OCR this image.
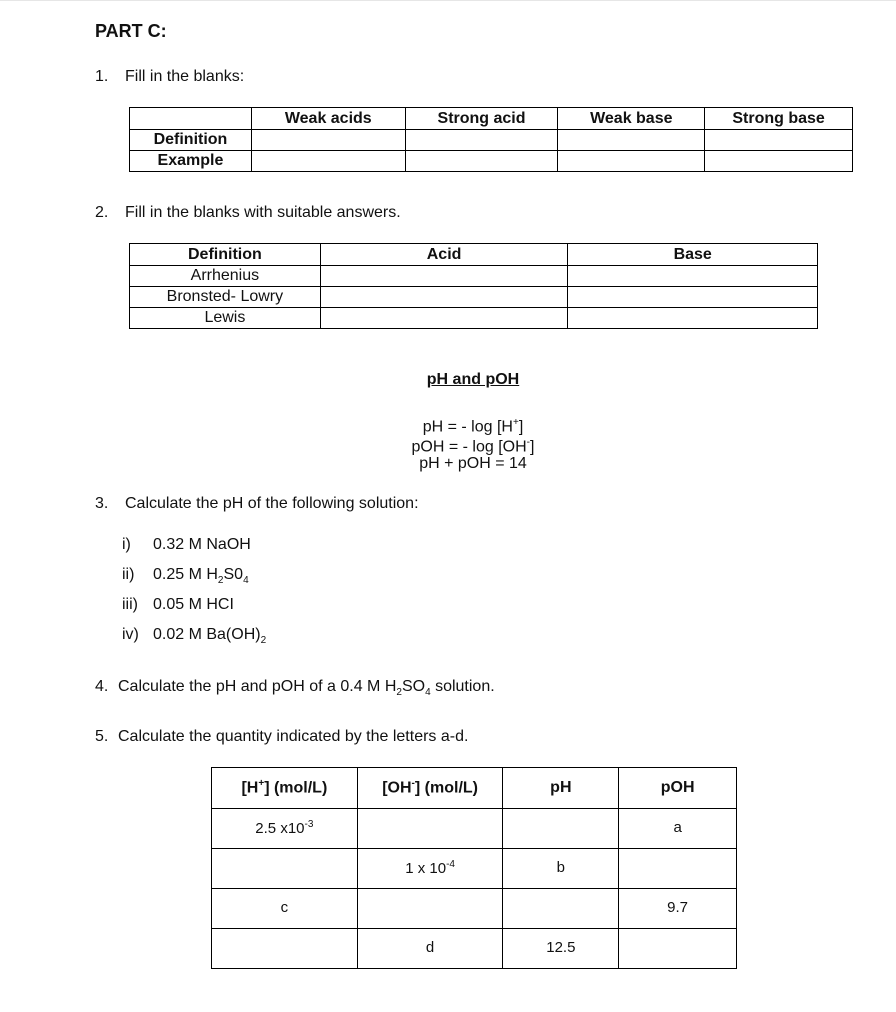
PART C:
1. Fill in the blanks:
	Weak acids	Strong acid	Weak base	Strong base
Definition				
Example				
2. Fill in the blanks with suitable answers.
Definition	Acid	Base
Arrhenius		
Bronsted- Lowry		
Lewis		
pH and pOH
pH = - log [H+]
pOH = - log [OH-]
pH + pOH = 14
3. Calculate the pH of the following solution:
i) 0.32 M NaOH
ii) 0.25 M $H_2S0_4$
iii) 0.05 M HCI
iv) 0.02 M $Ba(OH)_2$
4. Calculate the pH and pOH of a 0.4 M $H_2SO_4$ solution.
5. Calculate the quantity indicated by the letters a-d.
[H+] (mol/L)	[OH-] (mol/L)	pH	pOH
2.5 $x10^{-3}$			a
	1 x $10^{-4}$	b	
c			9.7
	d	12.5	
